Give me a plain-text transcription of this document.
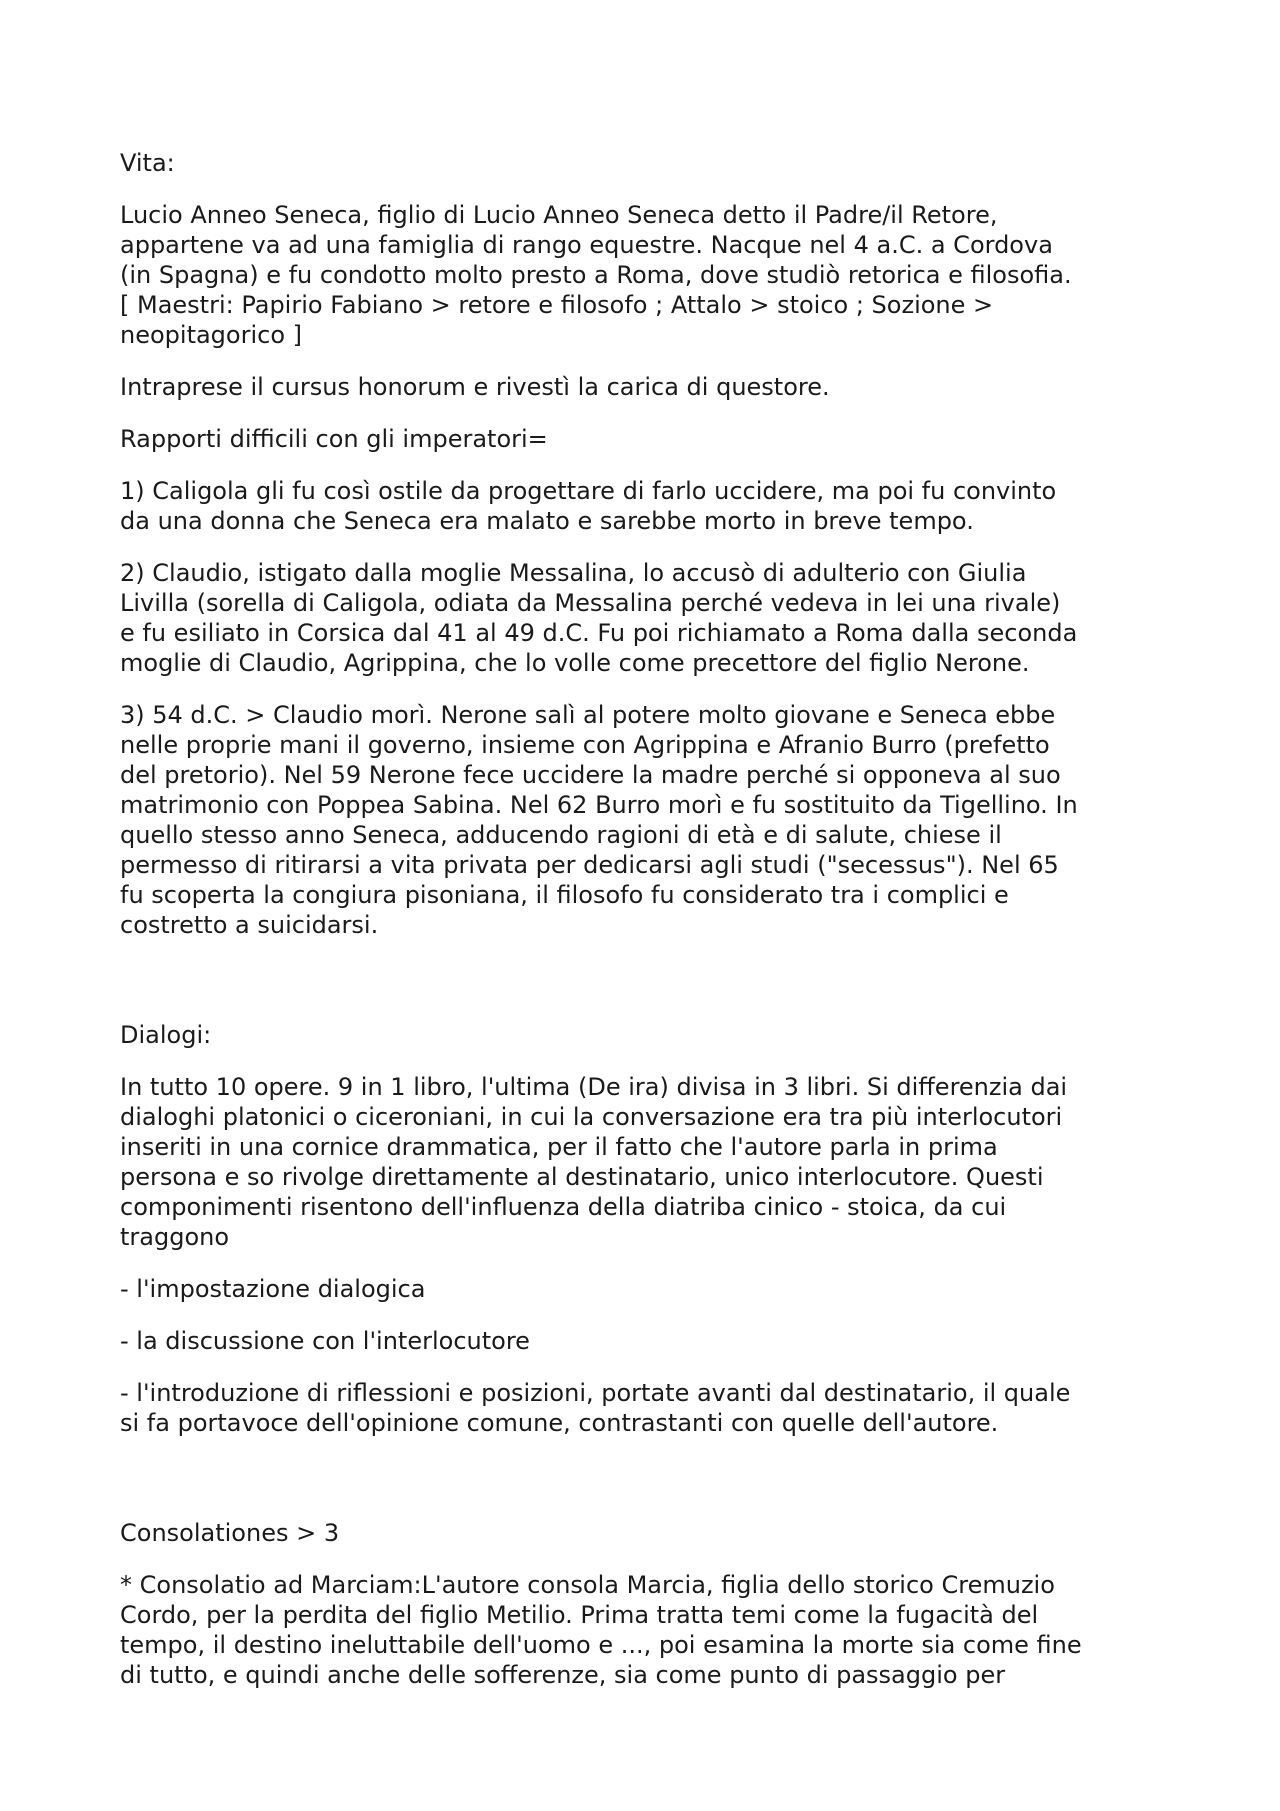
Vita:

Lucio Anneo Seneca, figlio di Lucio Anneo Seneca detto il Padre/il Retore,
appartene va ad una famiglia di rango equestre. Nacque nel 4 a.C. a Cordova
(in Spagna) e fu condotto molto presto a Roma, dove studiò retorica e filosofia.
[ Maestri: Papirio Fabiano > retore e filosofo ; Attalo > stoico ; Sozione >
neopitagorico ]

Intraprese il cursus honorum e rivestì la carica di questore.

Rapporti difficili con gli imperatori=

1) Caligola gli fu così ostile da progettare di farlo uccidere, ma poi fu convinto
da una donna che Seneca era malato e sarebbe morto in breve tempo.

2) Claudio, istigato dalla moglie Messalina, lo accusò di adulterio con Giulia
Livilla (sorella di Caligola, odiata da Messalina perché vedeva in lei una rivale)
e fu esiliato in Corsica dal 41 al 49 d.C. Fu poi richiamato a Roma dalla seconda
moglie di Claudio, Agrippina, che lo volle come precettore del figlio Nerone.

3) 54 d.C. > Claudio morì. Nerone salì al potere molto giovane e Seneca ebbe
nelle proprie mani il governo, insieme con Agrippina e Afranio Burro (prefetto
del pretorio). Nel 59 Nerone fece uccidere la madre perché si opponeva al suo
matrimonio con Poppea Sabina. Nel 62 Burro morì e fu sostituito da Tigellino. In
quello stesso anno Seneca, adducendo ragioni di età e di salute, chiese il
permesso di ritirarsi a vita privata per dedicarsi agli studi ("secessus"). Nel 65
fu scoperta la congiura pisoniana, il filosofo fu considerato tra i complici e
costretto a suicidarsi.

Dialogi:

In tutto 10 opere. 9 in 1 libro, l'ultima (De ira) divisa in 3 libri. Si differenzia dai
dialoghi platonici o ciceroniani, in cui la conversazione era tra più interlocutori
inseriti in una cornice drammatica, per il fatto che l'autore parla in prima
persona e so rivolge direttamente al destinatario, unico interlocutore. Questi
componimenti risentono dell'influenza della diatriba cinico - stoica, da cui
traggono

- l'impostazione dialogica

- la discussione con l'interlocutore

- l'introduzione di riflessioni e posizioni, portate avanti dal destinatario, il quale
si fa portavoce dell'opinione comune, contrastanti con quelle dell'autore.

Consolationes > 3

* Consolatio ad Marciam:L'autore consola Marcia, figlia dello storico Cremuzio
Cordo, per la perdita del figlio Metilio. Prima tratta temi come la fugacità del
tempo, il destino ineluttabile dell'uomo e ..., poi esamina la morte sia come fine
di tutto, e quindi anche delle sofferenze, sia come punto di passaggio per
